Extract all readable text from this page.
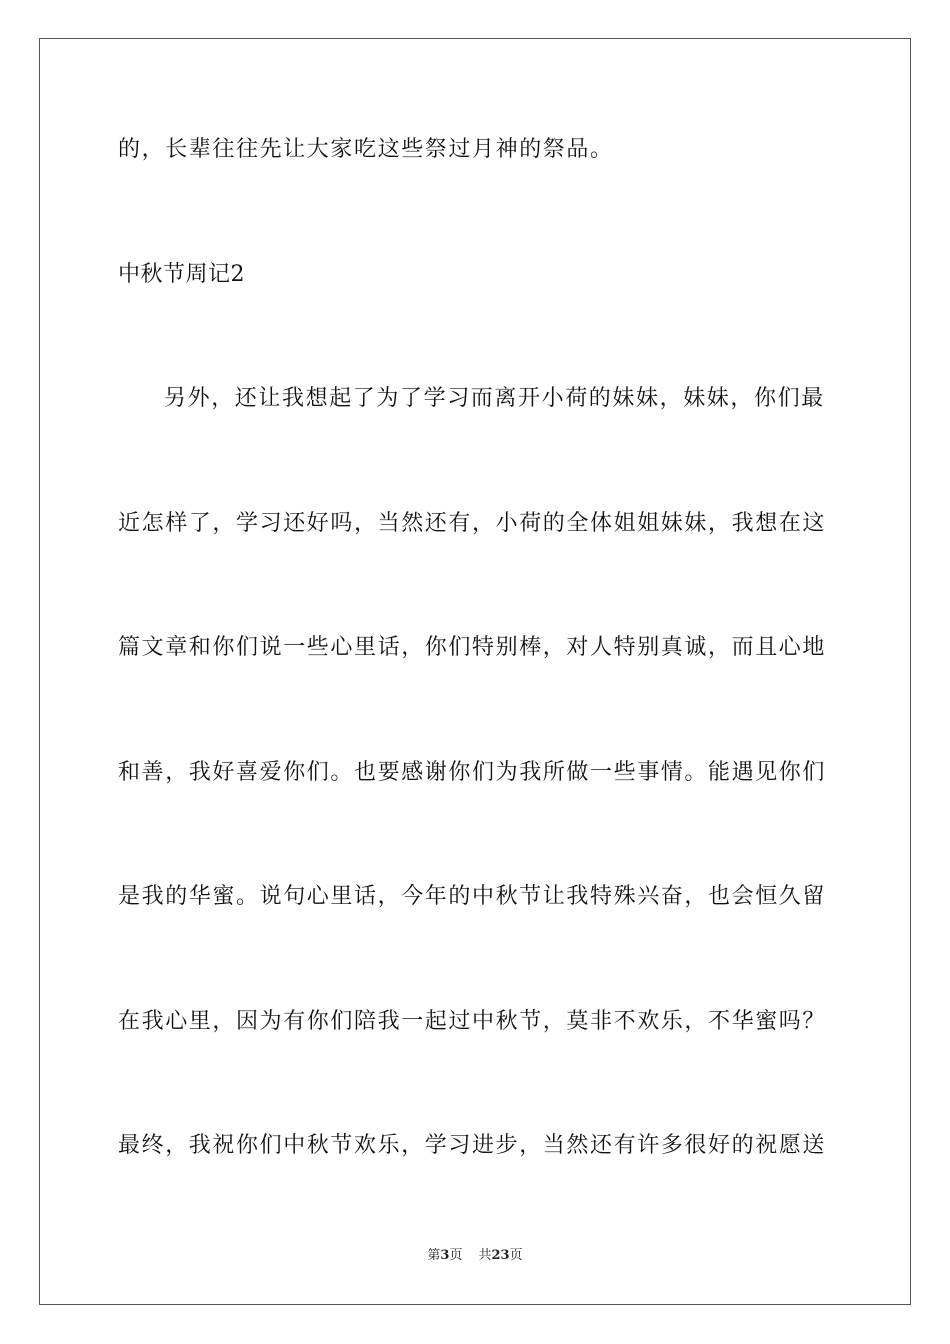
的，长辈往往先让大家吃这些祭过月神的祭品。
中秋节周记2
另外，还让我想起了为了学习而离开小荷的妹妹，妹妹，你们最
近怎样了，学习还好吗，当然还有，小荷的全体姐姐妹妹，我想在这
篇文章和你们说一些心里话，你们特别棒，对人特别真诚，而且心地
和善，我好喜爱你们。也要感谢你们为我所做一些事情。能遇见你们
是我的华蜜。说句心里话，今年的中秋节让我特殊兴奋，也会恒久留
在我心里，因为有你们陪我一起过中秋节，莫非不欢乐，不华蜜吗？
最终，我祝你们中秋节欢乐，学习进步，当然还有许多很好的祝愿送
第3页 共23页
